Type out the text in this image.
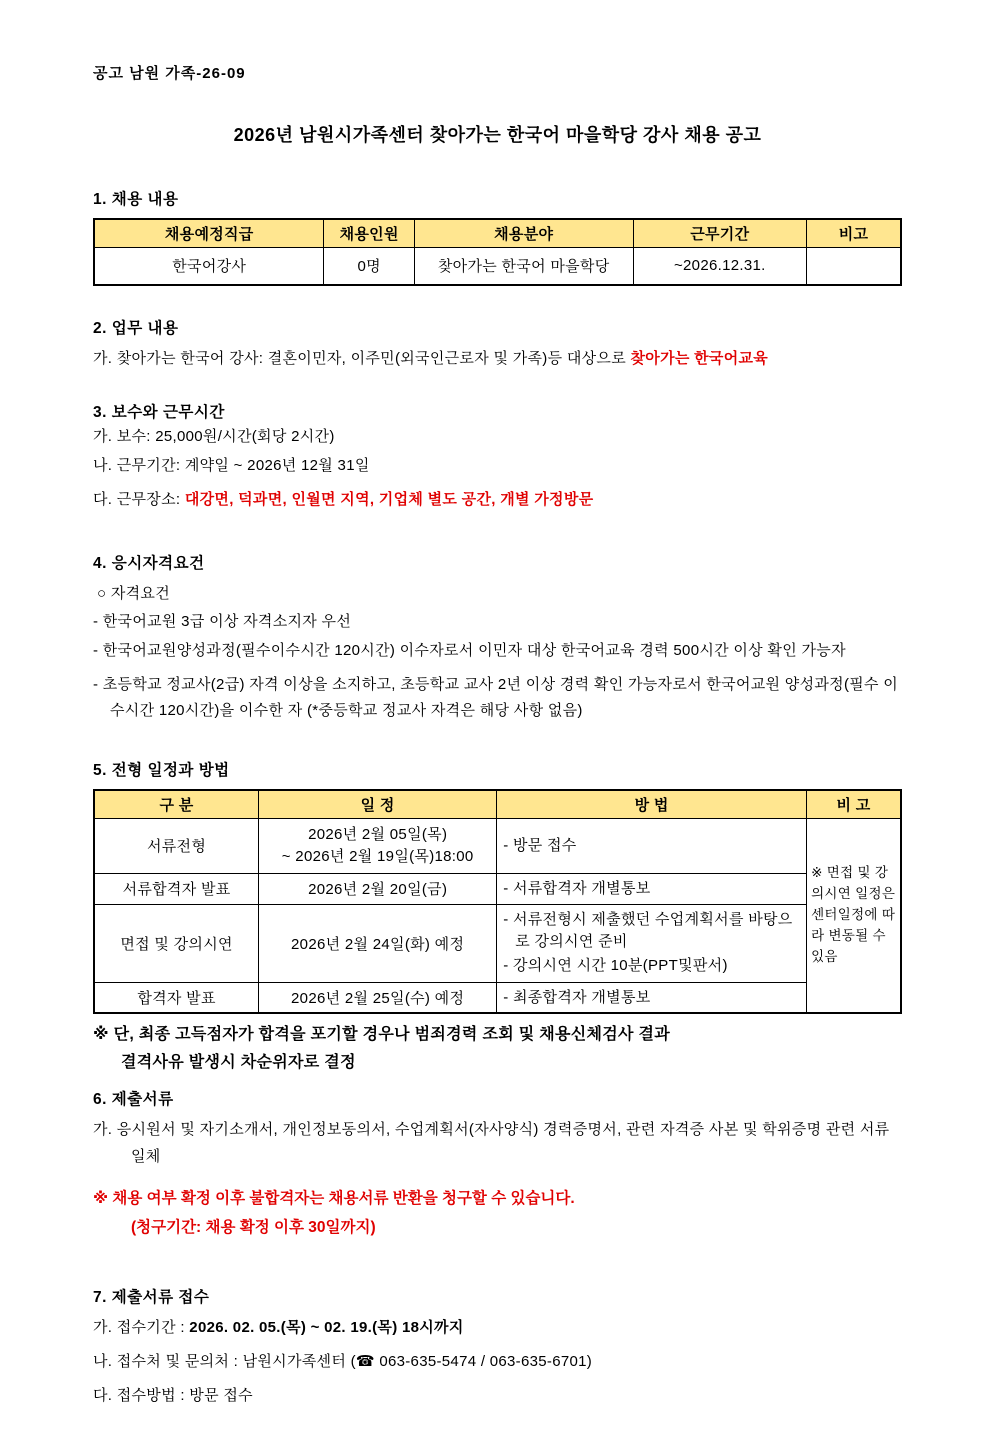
공고 남원 가족-26-09
2026년 남원시가족센터 찾아가는 한국어 마을학당 강사 채용 공고
1. 채용 내용
채용예정직급	채용인원	채용분야	근무기간	비고
한국어강사	0명	찾아가는 한국어 마을학당	~2026.12.31.	
2. 업무 내용
가. 찾아가는 한국어 강사: 결혼이민자, 이주민(외국인근로자 및 가족)등 대상으로 찾아가는 한국어교육
3. 보수와 근무시간
가. 보수: 25,000원/시간(회당 2시간)
나. 근무기간: 계약일 ~ 2026년 12월 31일
다. 근무장소: 대강면, 덕과면, 인월면 지역, 기업체 별도 공간, 개별 가정방문
4. 응시자격요건
○ 자격요건
- 한국어교원 3급 이상 자격소지자 우선
- 한국어교원양성과정(필수이수시간 120시간) 이수자로서 이민자 대상 한국어교육 경력 500시간 이상 확인 가능자
- 초등학교 정교사(2급) 자격 이상을 소지하고, 초등학교 교사 2년 이상 경력 확인 가능자로서 한국어교원 양성과정(필수 이수시간 120시간)을 이수한 자 (*중등학교 정교사 자격은 해당 사항 없음)
5. 전형 일정과 방법
구 분	일 정	방 법	비 고
서류전형	2026년 2월 05일(목)
~ 2026년 2월 19일(목)18:00	- 방문 접수	※ 면접 및 강의시연 일정은 센터일정에 따라 변동될 수 있음
서류합격자 발표	2026년 2월 20일(금)	- 서류합격자 개별통보	

면접 및 강의시연	2026년 2월 24일(화) 예정	- 서류전형시 제출했던 수업계획서를 바탕으로 강의시연 준비
- 강의시연 시간 10분(PPT및판서)	

합격자 발표	2026년 2월 25일(수) 예정	- 최종합격자 개별통보	
※ 단, 최종 고득점자가 합격을 포기할 경우나 범죄경력 조회 및 채용신체검사 결과
결격사유 발생시 차순위자로 결정
6. 제출서류
가. 응시원서 및 자기소개서, 개인정보동의서, 수업계획서(자사양식) 경력증명서, 관련 자격증 사본 및 학위증명 관련 서류 일체
※ 채용 여부 확정 이후 불합격자는 채용서류 반환을 청구할 수 있습니다.
(청구기간: 채용 확정 이후 30일까지)
7. 제출서류 접수
가. 접수기간 : 2026. 02. 05.(목) ~ 02. 19.(목) 18시까지
나. 접수처 및 문의처 : 남원시가족센터 (☎ 063-635-5474 / 063-635-6701)
다. 접수방법 : 방문 접수
